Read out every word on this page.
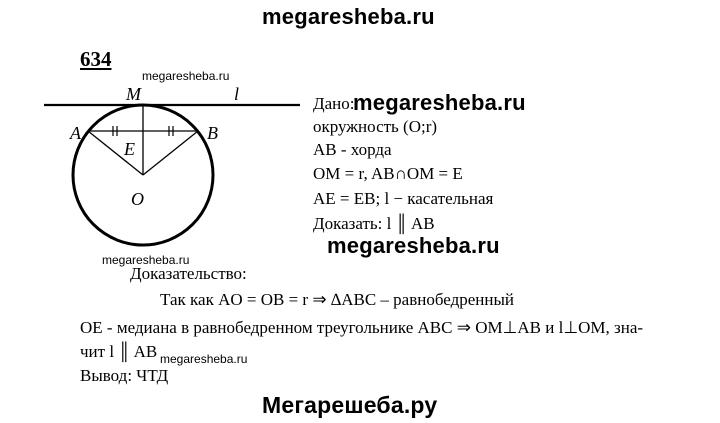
megaresheba.ru
megaresheba.ru
megaresheba.ru
megaresheba.ru
megaresheba.ru
Мегарешеба.ру
634
M	l
A	B
E
O
Дано:
megaresheba.ru
окружность (O;r)
AB - хорда
OM = r, AB∩OM = E
AE = EB; l − касательная
Доказать: l ║ AB
Доказательство:
Так как AO = OB = r ⇒ ∆ABC – равнобедренный
OE - медиана в равнобедренном треугольнике ABC ⇒ OM⊥AB и l⊥OM, зна-
чит l ║ AB
Вывод: ЧТД
